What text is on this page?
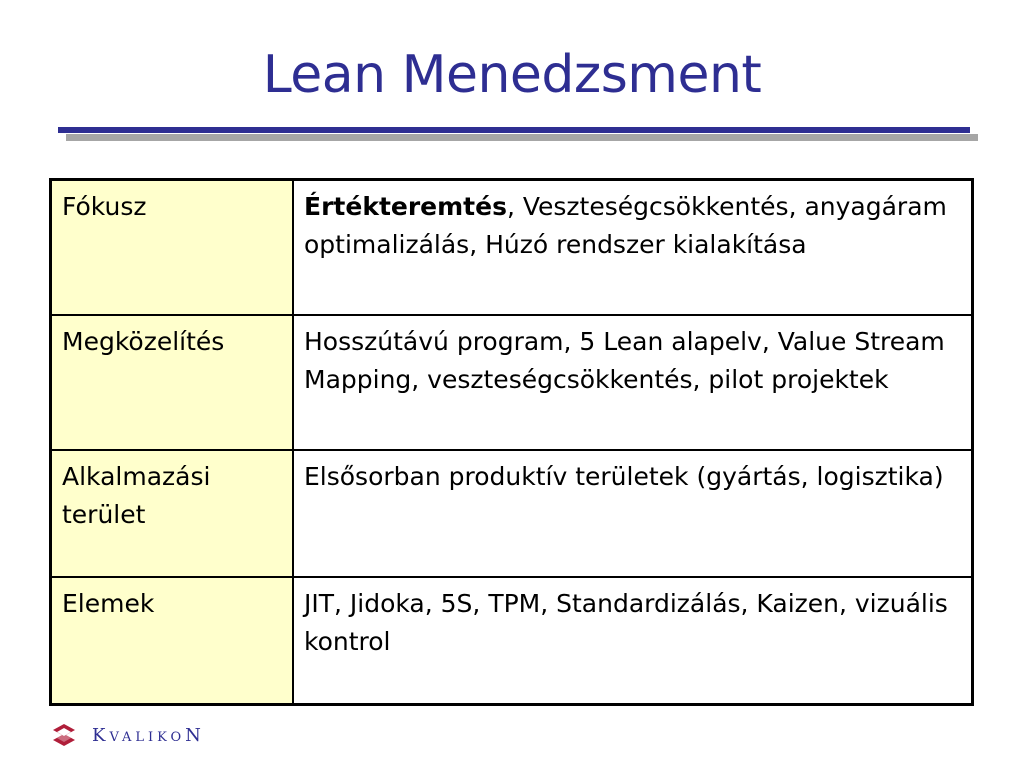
Lean Menedzsment
Fókusz	Értékteremtés, Veszteségcsökkentés, anyagáram optimalizálás, Húzó rendszer kialakítása
Megközelítés	Hosszútávú program, 5 Lean alapelv, Value Stream Mapping, veszteségcsökkentés, pilot projektek
Alkalmazási terület	Elsősorban produktív területek (gyártás, logisztika)
Elemek	JIT, Jidoka, 5S, TPM, Standardizálás, Kaizen, vizuális kontrol
KVALIKON
